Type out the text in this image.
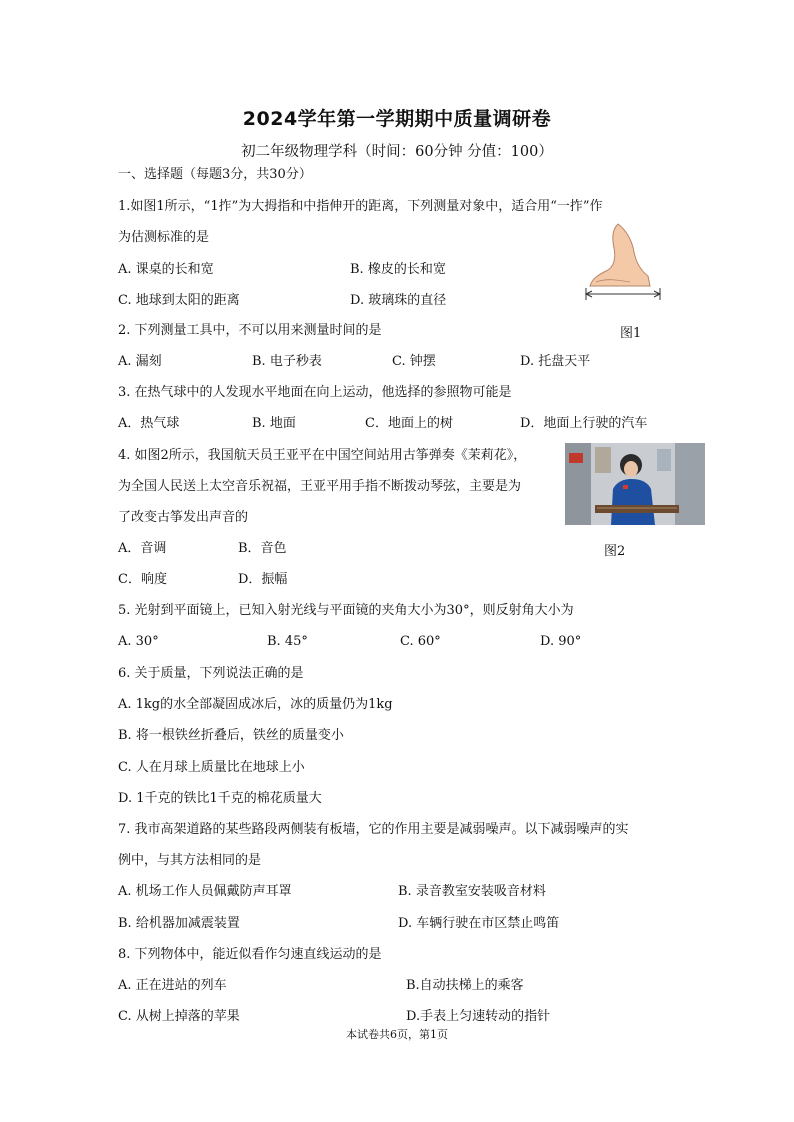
2024学年第一学期期中质量调研卷
初二年级物理学科（时间：60分钟 分值：100）
一、选择题（每题3分，共30分）
1.如图1所示，“1拃”为大拇指和中指伸开的距离，下列测量对象中，适合用“一拃”作
为估测标准的是
A. 课桌的长和宽	B. 橡皮的长和宽
C. 地球到太阳的距离	D. 玻璃珠的直径
图1
2. 下列测量工具中，不可以用来测量时间的是
A. 漏刻	B. 电子秒表	C. 钟摆	D. 托盘天平
3. 在热气球中的人发现水平地面在向上运动，他选择的参照物可能是
A．热气球	B. 地面	C．地面上的树	D．地面上行驶的汽车
4. 如图2所示，我国航天员王亚平在中国空间站用古筝弹奏《茉莉花》，
为全国人民送上太空音乐祝福，王亚平用手指不断拨动琴弦，主要是为
了改变古筝发出声音的
A．音调	B．音色	图2
C．响度	D．振幅
5. 光射到平面镜上，已知入射光线与平面镜的夹角大小为30°，则反射角大小为
A. 30°	B. 45°	C. 60°	D. 90°
6. 关于质量，下列说法正确的是
A. 1kg的水全部凝固成冰后，冰的质量仍为1kg
B. 将一根铁丝折叠后，铁丝的质量变小
C. 人在月球上质量比在地球上小
D. 1千克的铁比1千克的棉花质量大
7. 我市高架道路的某些路段两侧装有板墙，它的作用主要是减弱噪声。以下减弱噪声的实
例中，与其方法相同的是
A. 机场工作人员佩戴防声耳罩	B. 录音教室安装吸音材料
B. 给机器加减震装置	D. 车辆行驶在市区禁止鸣笛
8. 下列物体中，能近似看作匀速直线运动的是
A. 正在进站的列车	B.自动扶梯上的乘客
C. 从树上掉落的苹果	D.手表上匀速转动的指针
本试卷共6页，第1页
